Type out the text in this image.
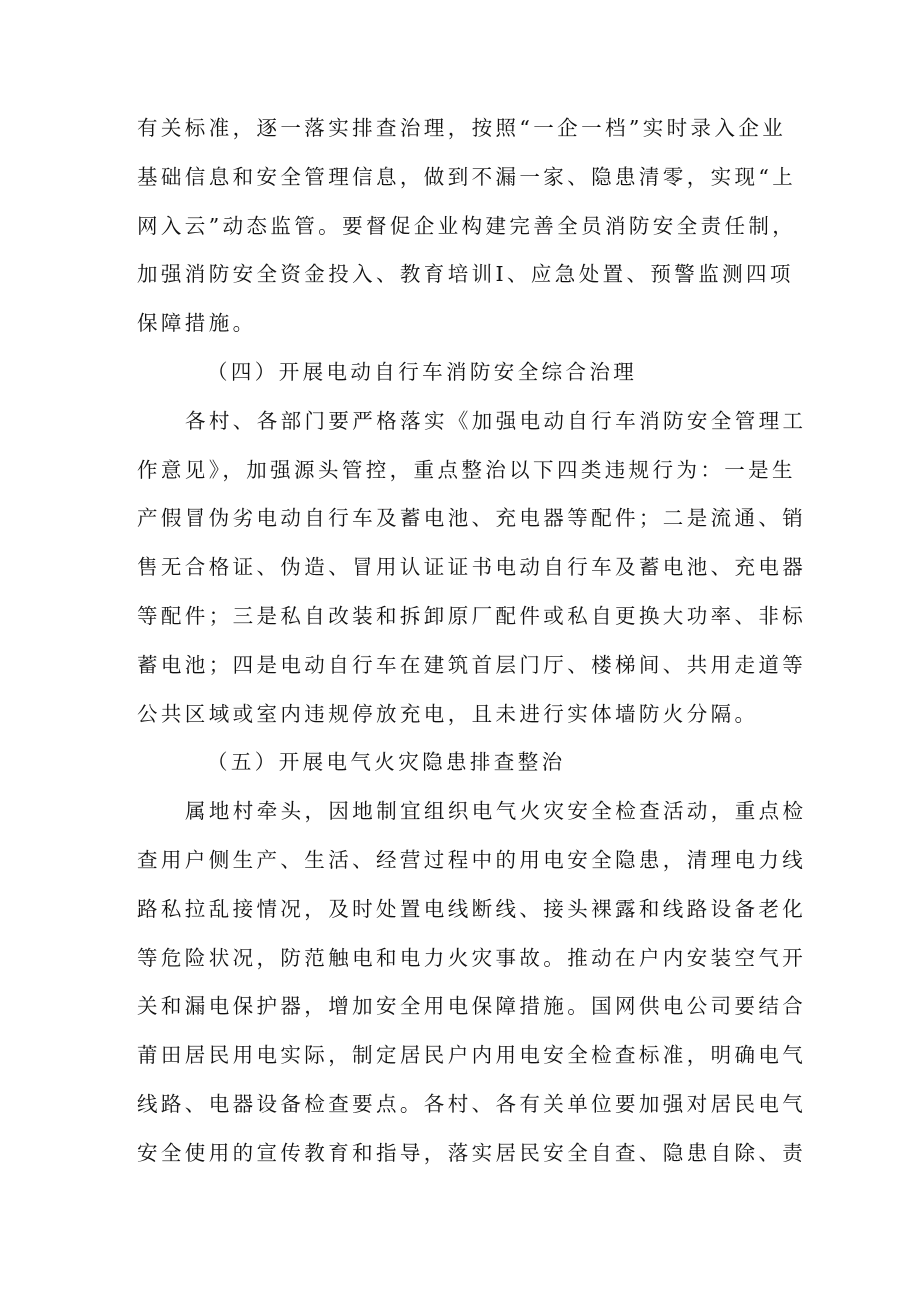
有关标准，逐一落实排查治理，按照“一企一档”实时录入企业
基础信息和安全管理信息，做到不漏一家、隐患清零，实现“上
网入云”动态监管。要督促企业构建完善全员消防安全责任制，
加强消防安全资金投入、教育培训Ⅰ、应急处置、预警监测四项
保障措施。
（四）开展电动自行车消防安全综合治理
各村、各部门要严格落实《加强电动自行车消防安全管理工
作意见》，加强源头管控，重点整治以下四类违规行为：一是生
产假冒伪劣电动自行车及蓄电池、充电器等配件；二是流通、销
售无合格证、伪造、冒用认证证书电动自行车及蓄电池、充电器
等配件；三是私自改装和拆卸原厂配件或私自更换大功率、非标
蓄电池；四是电动自行车在建筑首层门厅、楼梯间、共用走道等
公共区域或室内违规停放充电，且未进行实体墙防火分隔。
（五）开展电气火灾隐患排查整治
属地村牵头，因地制宜组织电气火灾安全检查活动，重点检
查用户侧生产、生活、经营过程中的用电安全隐患，清理电力线
路私拉乱接情况，及时处置电线断线、接头裸露和线路设备老化
等危险状况，防范触电和电力火灾事故。推动在户内安装空气开
关和漏电保护器，增加安全用电保障措施。国网供电公司要结合
莆田居民用电实际，制定居民户内用电安全检查标准，明确电气
线路、电器设备检查要点。各村、各有关单位要加强对居民电气
安全使用的宣传教育和指导，落实居民安全自查、隐患自除、责
